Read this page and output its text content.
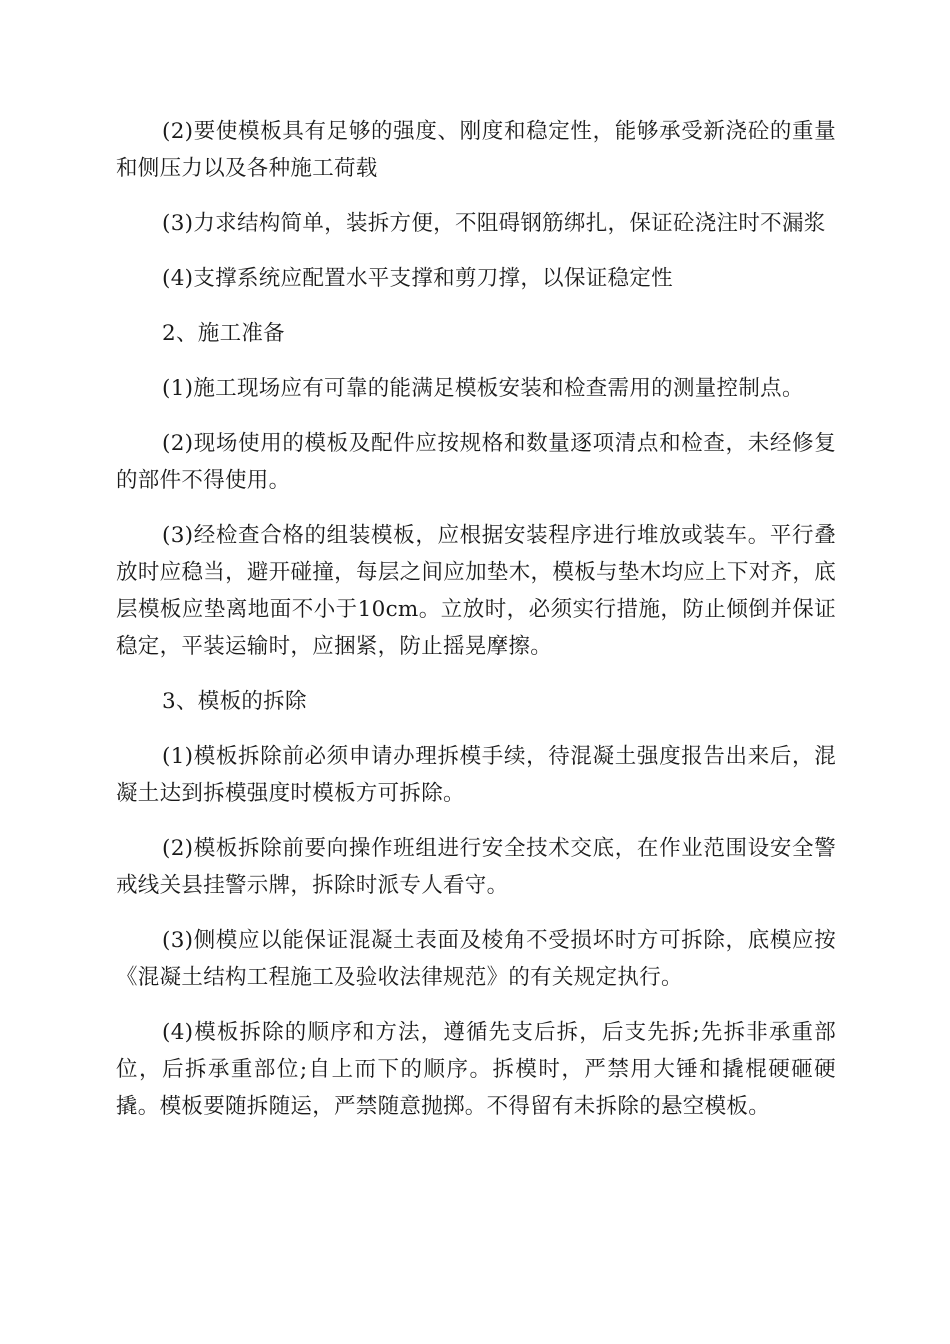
(2)要使模板具有足够的强度、刚度和稳定性，能够承受新浇砼的重量和侧压力以及各种施工荷载

(3)力求结构简单，装拆方便，不阻碍钢筋绑扎，保证砼浇注时不漏浆

(4)支撑系统应配置水平支撑和剪刀撑，以保证稳定性

2、施工准备

(1)施工现场应有可靠的能满足模板安装和检查需用的测量控制点。

(2)现场使用的模板及配件应按规格和数量逐项清点和检查，未经修复的部件不得使用。

(3)经检查合格的组装模板，应根据安装程序进行堆放或装车。平行叠放时应稳当，避开碰撞，每层之间应加垫木，模板与垫木均应上下对齐，底层模板应垫离地面不小于10cm。立放时，必须实行措施，防止倾倒并保证稳定，平装运输时，应捆紧，防止摇晃摩擦。

3、模板的拆除

(1)模板拆除前必须申请办理拆模手续，待混凝土强度报告出来后，混凝土达到拆模强度时模板方可拆除。

(2)模板拆除前要向操作班组进行安全技术交底，在作业范围设安全警戒线关县挂警示牌，拆除时派专人看守。

(3)侧模应以能保证混凝土表面及棱角不受损坏时方可拆除，底模应按《混凝土结构工程施工及验收法律规范》的有关规定执行。

(4)模板拆除的顺序和方法，遵循先支后拆，后支先拆;先拆非承重部位，后拆承重部位;自上而下的顺序。拆模时，严禁用大锤和撬棍硬砸硬撬。模板要随拆随运，严禁随意抛掷。不得留有未拆除的悬空模板。
